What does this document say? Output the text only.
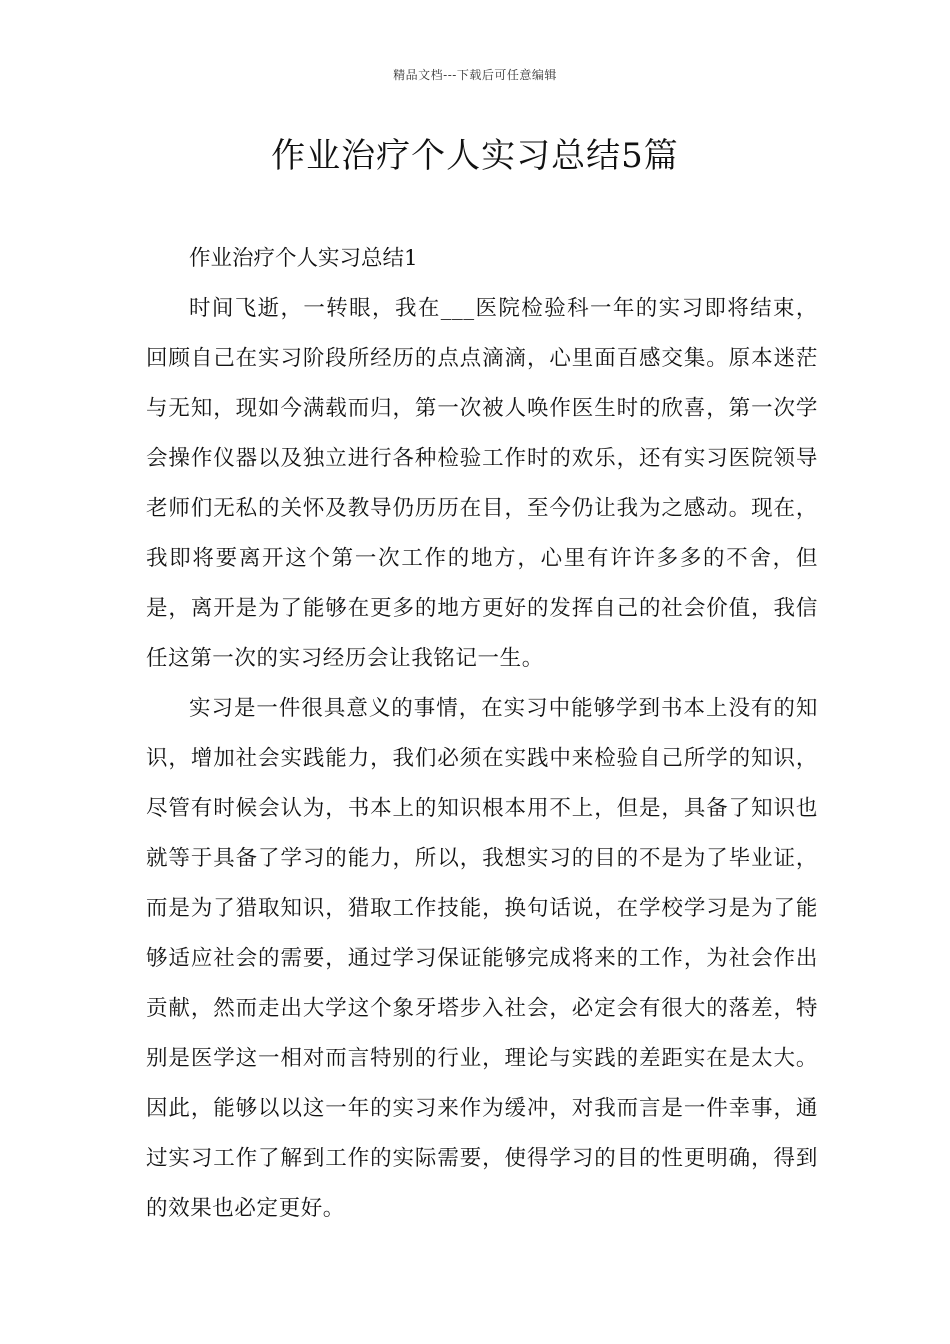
精品文档---下载后可任意编辑
作业治疗个人实习总结5篇

作业治疗个人实习总结1

时间飞逝，一转眼，我在___医院检验科一年的实习即将结束，回顾自己在实习阶段所经历的点点滴滴，心里面百感交集。原本迷茫与无知，现如今满载而归，第一次被人唤作医生时的欣喜，第一次学会操作仪器以及独立进行各种检验工作时的欢乐，还有实习医院领导老师们无私的关怀及教导仍历历在目，至今仍让我为之感动。现在，我即将要离开这个第一次工作的地方，心里有许许多多的不舍，但是，离开是为了能够在更多的地方更好的发挥自己的社会价值，我信任这第一次的实习经历会让我铭记一生。

实习是一件很具意义的事情，在实习中能够学到书本上没有的知识，增加社会实践能力，我们必须在实践中来检验自己所学的知识，尽管有时候会认为，书本上的知识根本用不上，但是，具备了知识也就等于具备了学习的能力，所以，我想实习的目的不是为了毕业证，而是为了猎取知识，猎取工作技能，换句话说，在学校学习是为了能够适应社会的需要，通过学习保证能够完成将来的工作，为社会作出贡献，然而走出大学这个象牙塔步入社会，必定会有很大的落差，特别是医学这一相对而言特别的行业，理论与实践的差距实在是太大。因此，能够以以这一年的实习来作为缓冲，对我而言是一件幸事，通过实习工作了解到工作的实际需要，使得学习的目的性更明确，得到的效果也必定更好。
